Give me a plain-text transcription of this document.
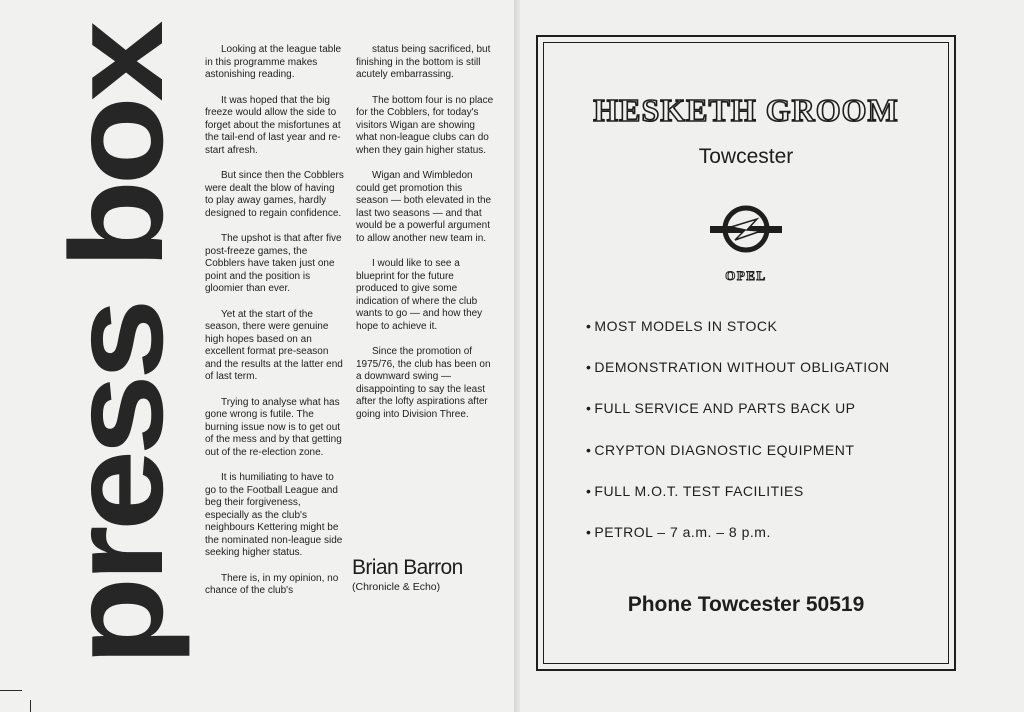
press box

Looking at the league table in this programme makes astonishing reading.

It was hoped that the big freeze would allow the side to forget about the misfortunes at the tail-end of last year and re-start afresh.

But since then the Cobblers were dealt the blow of having to play away games, hardly designed to regain confidence.

The upshot is that after five post-freeze games, the Cobblers have taken just one point and the position is gloomier than ever.

Yet at the start of the season, there were genuine high hopes based on an excellent format pre-season and the results at the latter end of last term.

Trying to analyse what has gone wrong is futile. The burning issue now is to get out of the mess and by that getting out of the re-election zone.

It is humiliating to have to go to the Football League and beg their forgiveness, especially as the club's neighbours Kettering might be the nominated non-league side seeking higher status.

There is, in my opinion, no chance of the club's

status being sacrificed, but finishing in the bottom is still acutely embarrassing.

The bottom four is no place for the Cobblers, for today's visitors Wigan are showing what non-league clubs can do when they gain higher status.

Wigan and Wimbledon could get promotion this season — both elevated in the last two seasons — and that would be a powerful argument to allow another new team in.

I would like to see a blueprint for the future produced to give some indication of where the club wants to go — and how they hope to achieve it.

Since the promotion of 1975/76, the club has been on a downward swing — disappointing to say the least after the lofty aspirations after going into Division Three.

Brian Barron
(Chronicle & Echo)
HESKETH GROOM
Towcester
OPEL
• MOST MODELS IN STOCK
• DEMONSTRATION WITHOUT OBLIGATION
• FULL SERVICE AND PARTS BACK UP
• CRYPTON DIAGNOSTIC EQUIPMENT
• FULL M.O.T. TEST FACILITIES
• PETROL – 7 a.m. – 8 p.m.
Phone Towcester 50519
